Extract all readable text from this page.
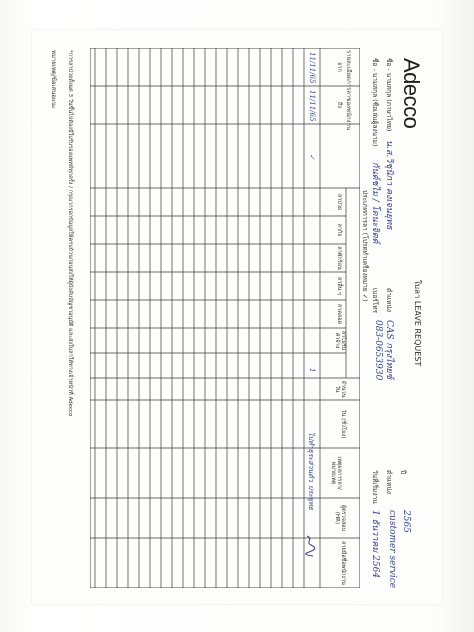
Adecco
ใบลา LEAVE REQUEST
ชื่อ - นามสกุล (ภาษาไทย)
น.ส.วิชุนิกา คงเจนยุทธ
ชื่อ - นามสกุล (ชื่อเล่นผู้ลงนาม)
กันต์ชไม / โดนะจิตต์
ตำแหน่ง
CAS กรุงไทยซ์
เบอร์โทร
083-0653930
ปี
2565
ตำแหน่ง
customer service
วันที่เริ่มงาน
1 ธันวาคม 2564
ประเภทการลา (โปรดทำเครื่องหมาย ✓)
จาก
ถึง
ลาป่วย
ลากิจ
ลาพักร้อน
ลาอื่น ๆ
ลาคลอด
ลาไม่รับค่าจ้าง
จำนวน วัน
วัน (ชั่วโมง)
เหตุผลการลา/หมายเหตุ
ผู้ตรวจสอบ (HR)
ลายมือชื่อพนักงาน
11/11/65
11/11/65
✓
1
ไปทำธุระส่วนตัว
ประยุทธ
รายละเอียดการลาของพนักงาน
*การลาป่วยตั้งแต่ 3 วันขึ้นไปต้องมีใบรับรองแพทย์ทุกครั้ง / กรุณากรอกข้อมูลให้ครบถ้วนก่อนส่งให้ผู้บังคับบัญชาอนุมัติ และส่งใบลาให้ทางเจ้าหน้าที่ Adecco
หมายเหตุ/ข้อเสนอแนะ
